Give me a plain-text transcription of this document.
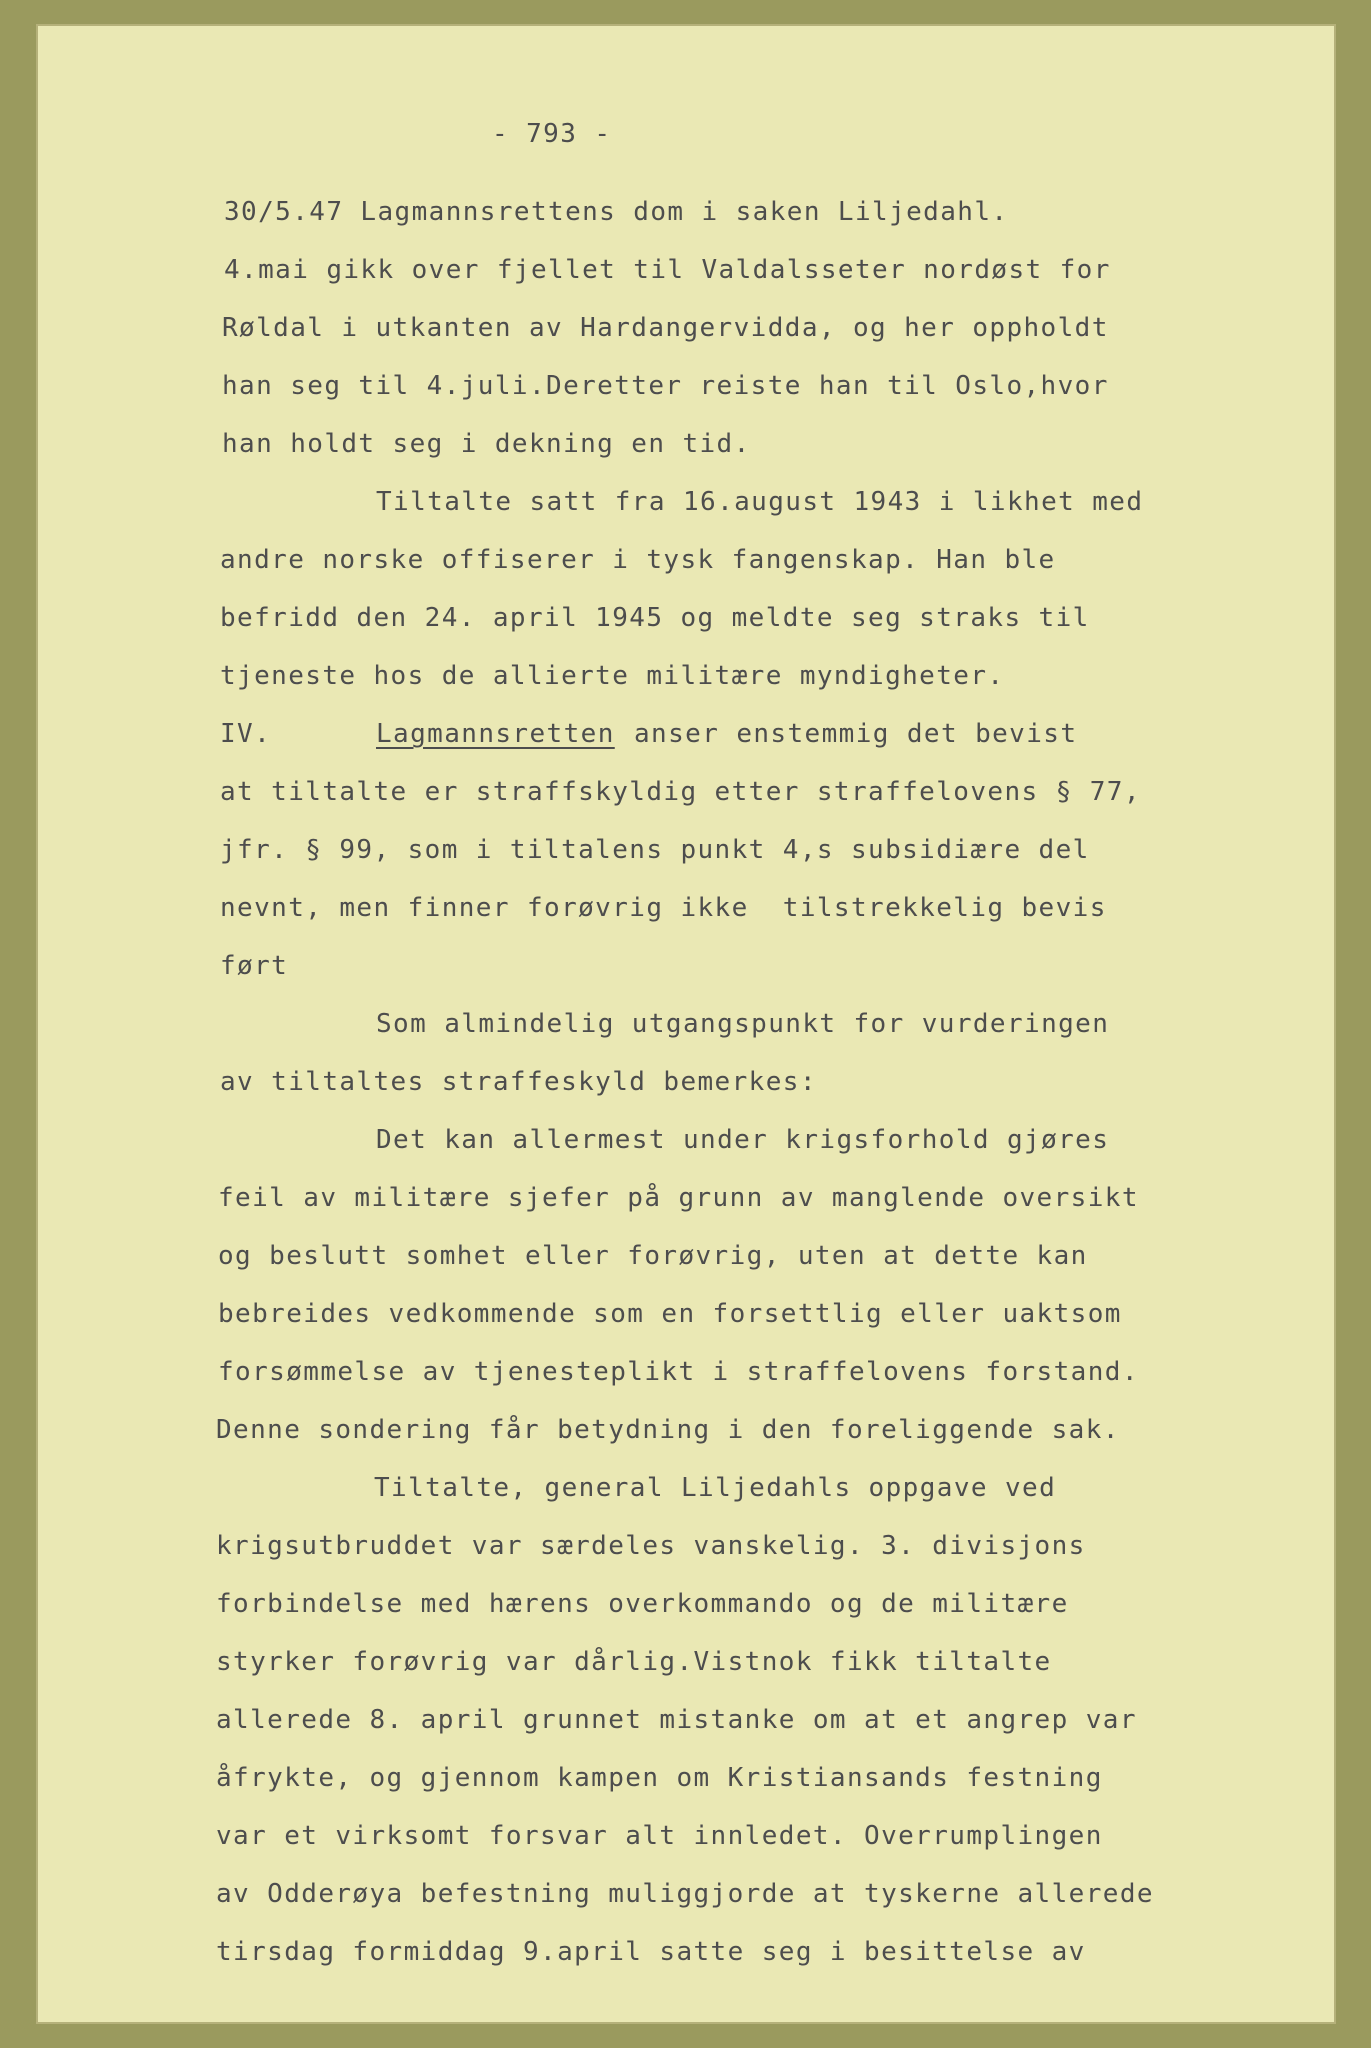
- 793 -
30/5.47 Lagmannsrettens dom i saken Liljedahl.
4.mai gikk over fjellet til Valdalsseter nordøst for
Røldal i utkanten av Hardangervidda, og her oppholdt
han seg til 4.juli.Deretter reiste han til Oslo,hvor
han holdt seg i dekning en tid.
Tiltalte satt fra 16.august 1943 i likhet med
andre norske offiserer i tysk fangenskap. Han ble
befridd den 24. april 1945 og meldte seg straks til
tjeneste hos de allierte militære myndigheter.
IV.	Lagmannsretten anser enstemmig det bevist
at tiltalte er straffskyldig etter straffelovens § 77,
jfr. § 99, som i tiltalens punkt 4,s subsidiære del
nevnt, men finner forøvrig ikke  tilstrekkelig bevis
ført
Som almindelig utgangspunkt for vurderingen
av tiltaltes straffeskyld bemerkes:
Det kan allermest under krigsforhold gjøres
feil av militære sjefer på grunn av manglende oversikt
og beslutt somhet eller forøvrig, uten at dette kan
bebreides vedkommende som en forsettlig eller uaktsom
forsømmelse av tjenesteplikt i straffelovens forstand.
Denne sondering får betydning i den foreliggende sak.
Tiltalte, general Liljedahls oppgave ved
krigsutbruddet var særdeles vanskelig. 3. divisjons
forbindelse med hærens overkommando og de militære
styrker forøvrig var dårlig.Vistnok fikk tiltalte
allerede 8. april grunnet mistanke om at et angrep var
åfrykte, og gjennom kampen om Kristiansands festning
var et virksomt forsvar alt innledet. Overrumplingen
av Odderøya befestning muliggjorde at tyskerne allerede
tirsdag formiddag 9.april satte seg i besittelse av
